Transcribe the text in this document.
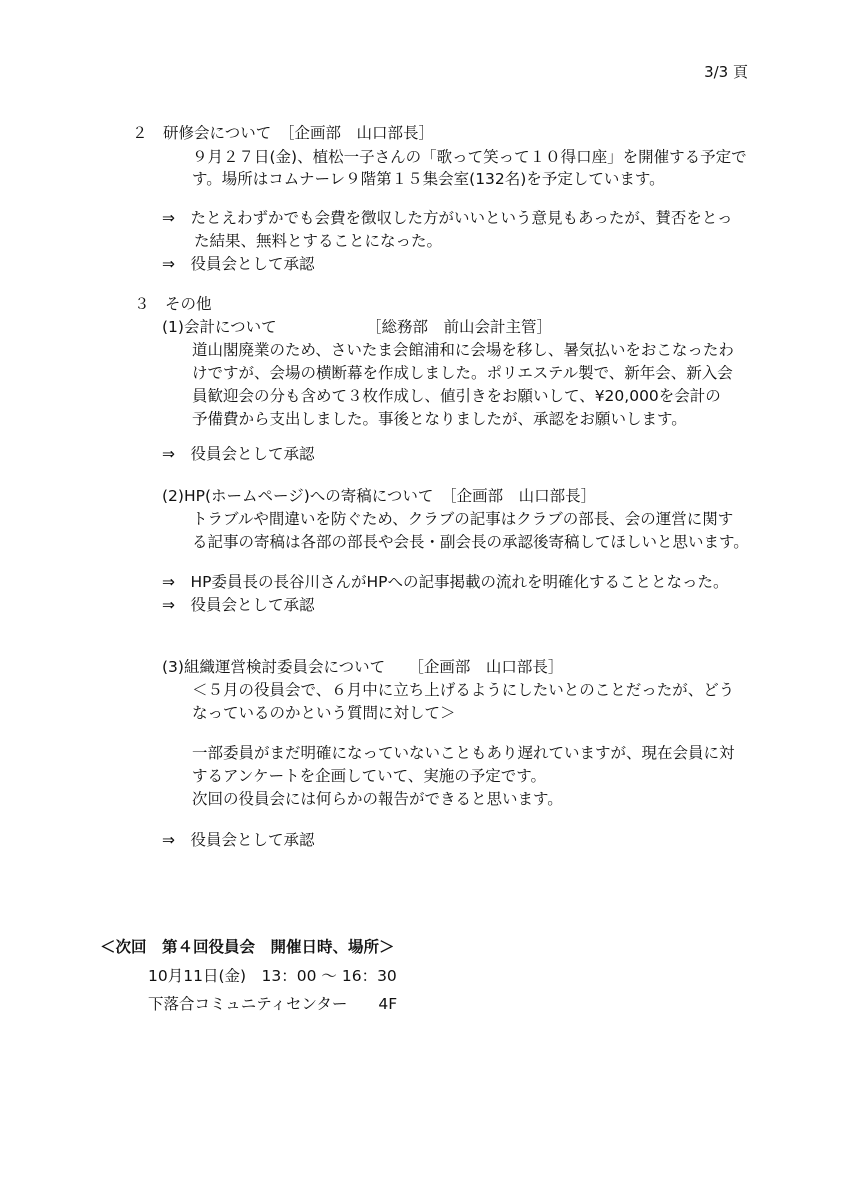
3/3 頁
２　研修会について　［企画部　山口部長］
９月２７日(金)、植松一子さんの「歌って笑って１０得口座」を開催する予定で
す。場所はコムナーレ９階第１５集会室(132名)を予定しています。
⇒　たとえわずかでも会費を徴収した方がいいという意見もあったが、賛否をとっ
た結果、無料とすることになった。
⇒　役員会として承認
３　その他
(1)会計について	［総務部　前山会計主管］
道山閣廃業のため、さいたま会館浦和に会場を移し、暑気払いをおこなったわ
けですが、会場の横断幕を作成しました。ポリエステル製で、新年会、新入会
員歓迎会の分も含めて３枚作成し、値引きをお願いして、¥20,000を会計の
予備費から支出しました。事後となりましたが、承認をお願いします。
⇒　役員会として承認
(2)HP(ホームページ)への寄稿について　［企画部　山口部長］
トラブルや間違いを防ぐため、クラブの記事はクラブの部長、会の運営に関す
る記事の寄稿は各部の部長や会長・副会長の承認後寄稿してほしいと思います。
⇒　HP委員長の長谷川さんがHPへの記事掲載の流れを明確化することとなった。
⇒　役員会として承認
(3)組織運営検討委員会について　　［企画部　山口部長］
＜５月の役員会で、６月中に立ち上げるようにしたいとのことだったが、どう
なっているのかという質問に対して＞
一部委員がまだ明確になっていないこともあり遅れていますが、現在会員に対
するアンケートを企画していて、実施の予定です。
次回の役員会には何らかの報告ができると思います。
⇒　役員会として承認
＜次回　第４回役員会　開催日時、場所＞
10月11日(金)　13：00 ～ 16：30
下落合コミュニティセンター　　4F
